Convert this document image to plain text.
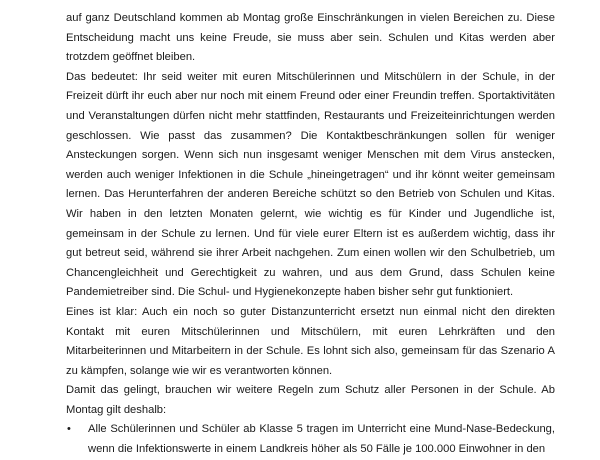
auf ganz Deutschland kommen ab Montag große Einschränkungen in vielen Bereichen zu. Diese Entscheidung macht uns keine Freude, sie muss aber sein. Schulen und Kitas werden aber trotzdem geöffnet bleiben.

Das bedeutet: Ihr seid weiter mit euren Mitschülerinnen und Mitschülern in der Schule, in der Freizeit dürft ihr euch aber nur noch mit einem Freund oder einer Freundin treffen. Sportaktivitäten und Veranstaltungen dürfen nicht mehr stattfinden, Restaurants und Freizeiteinrichtungen werden geschlossen. Wie passt das zusammen? Die Kontaktbeschränkungen sollen für weniger Ansteckungen sorgen. Wenn sich nun insgesamt weniger Menschen mit dem Virus anstecken, werden auch weniger Infektionen in die Schule „hineingetragen“ und ihr könnt weiter gemeinsam lernen. Das Herunterfahren der anderen Bereiche schützt so den Betrieb von Schulen und Kitas. Wir haben in den letzten Monaten gelernt, wie wichtig es für Kinder und Jugendliche ist, gemeinsam in der Schule zu lernen. Und für viele eurer Eltern ist es außerdem wichtig, dass ihr gut betreut seid, während sie ihrer Arbeit nachgehen. Zum einen wollen wir den Schulbetrieb, um Chancengleichheit und Gerechtigkeit zu wahren, und aus dem Grund, dass Schulen keine Pandemietreiber sind. Die Schul- und Hygienekonzepte haben bisher sehr gut funktioniert.

Eines ist klar: Auch ein noch so guter Distanzunterricht ersetzt nun einmal nicht den direkten Kontakt mit euren Mitschülerinnen und Mitschülern, mit euren Lehrkräften und den Mitarbeiterinnen und Mitarbeitern in der Schule. Es lohnt sich also, gemeinsam für das Szenario A zu kämpfen, solange wie wir es verantworten können.

Damit das gelingt, brauchen wir weitere Regeln zum Schutz aller Personen in der Schule. Ab Montag gilt deshalb:

• Alle Schülerinnen und Schüler ab Klasse 5 tragen im Unterricht eine Mund-Nase-Bedeckung, wenn die Infektionswerte in einem Landkreis höher als 50 Fälle je 100.000 Einwohner in den
